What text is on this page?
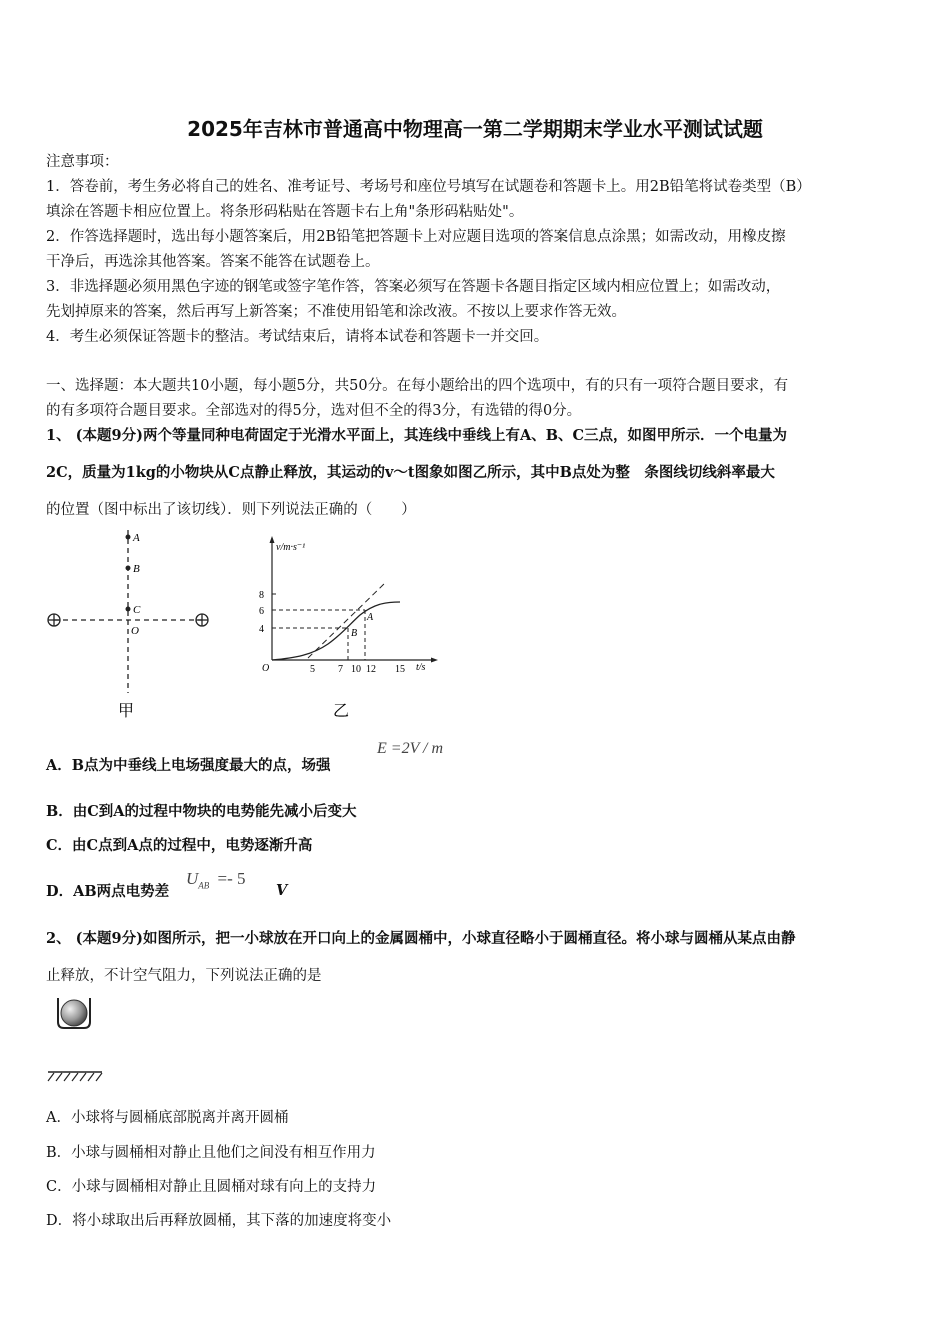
2025年吉林市普通高中物理高一第二学期期末学业水平测试试题
注意事项：
1．答卷前，考生务必将自己的姓名、准考证号、考场号和座位号填写在试题卷和答题卡上。用2B铅笔将试卷类型（B）
填涂在答题卡相应位置上。将条形码粘贴在答题卡右上角"条形码粘贴处"。
2．作答选择题时，选出每小题答案后，用2B铅笔把答题卡上对应题目选项的答案信息点涂黑；如需改动，用橡皮擦
干净后，再选涂其他答案。答案不能答在试题卷上。
3．非选择题必须用黑色字迹的钢笔或签字笔作答，答案必须写在答题卡各题目指定区域内相应位置上；如需改动，
先划掉原来的答案，然后再写上新答案；不准使用铅笔和涂改液。不按以上要求作答无效。
4．考生必须保证答题卡的整洁。考试结束后，请将本试卷和答题卡一并交回。
一、选择题：本大题共10小题，每小题5分，共50分。在每小题给出的四个选项中，有的只有一项符合题目要求，有
的有多项符合题目要求。全部选对的得5分，选对但不全的得3分，有选错的得0分。
1、 (本题9分)两个等量同种电荷固定于光滑水平面上，其连线中垂线上有A、B、C三点，如图甲所示．一个电量为
2C，质量为1kg的小物块从C点静止释放，其运动的v～t图象如图乙所示，其中B点处为整　条图线切线斜率最大
的位置（图中标出了该切线）．则下列说法正确的（　　）
A
B
C
O
甲
v/m·s⁻¹
t/s
O
8
6
4	B
A
5 7 10 12 15
乙
A．B点为中垂线上电场强度最大的点，场强
E =2V / m
B．由C到A的过程中物块的电势能先减小后变大
C．由C点到A点的过程中，电势逐渐升高
D．AB两点电势差
$U_{AB} =- 5$
V
2、 (本题9分)如图所示，把一小球放在开口向上的金属圆桶中，小球直径略小于圆桶直径。将小球与圆桶从某点由静
止释放，不计空气阻力，下列说法正确的是
A．小球将与圆桶底部脱离并离开圆桶
B．小球与圆桶相对静止且他们之间没有相互作用力
C．小球与圆桶相对静止且圆桶对球有向上的支持力
D．将小球取出后再释放圆桶，其下落的加速度将变小
